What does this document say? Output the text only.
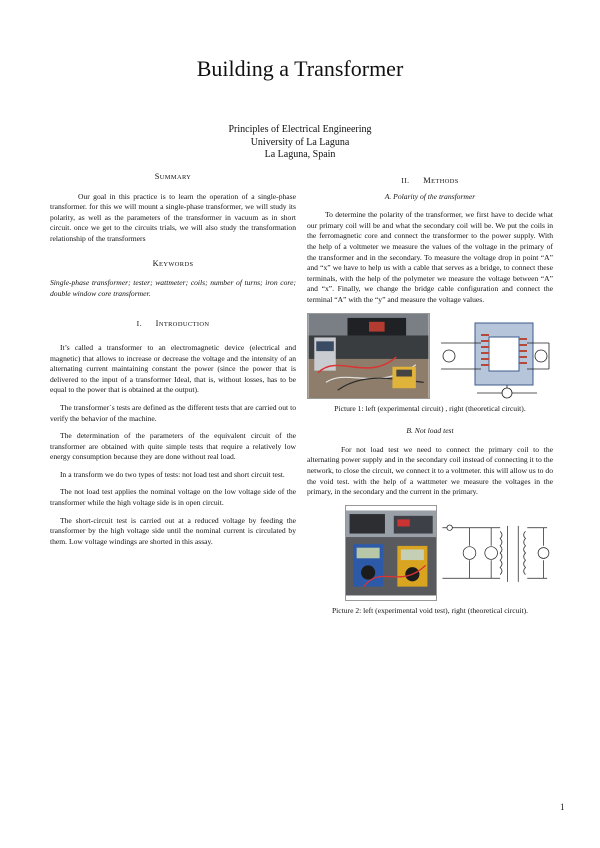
Building a Transformer
Principles of Electrical Engineering
University of La Laguna
La Laguna, Spain
SUMMARY

Our goal in this practice is to learn the operation of a single-phase transformer. for this we will mount a single-phase transformer, we will study its polarity, as well as the parameters of the transformer in vacuum as in short circuit. once we get to the circuits trials, we will also study the transformation relationship of the transformers

KEYWORDS

Single-phase transformer; tester; wattmeter; coils; number of turns; iron core; double window core transformer.

I. INTRODUCTION

It’s called a transformer to an electromagnetic device (electrical and magnetic) that allows to increase or decrease the voltage and the intensity of an alternating current maintaining constant the power (since the power that is delivered to the input of a transformer Ideal, that is, without losses, has to be equal to the power that is obtained at the output).

The transformer´s tests are defined as the different tests that are carried out to verify the behavior of the machine.

The determination of the parameters of the equivalent circuit of the transformer are obtained with quite simple tests that require a relatively low energy consumption because they are done without real load.

In a transform we do two types of tests: not load test and short circuit test.

The not load test applies the nominal voltage on the low voltage side of the transformer while the high voltage side is in open circuit.

The short-circuit test is carried out at a reduced voltage by feeding the transformer by the high voltage side until the nominal current is circulated by them. Low voltage windings are shorted in this assay.

II. METHODS
A. Polarity of the transformer

To determine the polarity of the transformer, we first have to decide what our primary coil will be and what the secondary coil will be. We put the coils in the ferromagnetic core and connect the transformer to the power supply. With the help of a voltmeter we measure the values of the voltage in the primary of the transformer and in the secondary. To measure the voltage drop in point “A” and “x” we have to help us with a cable that serves as a bridge, to connect these terminals, with the help of the polymeter we measure the voltage between “A” and “x”. Finally, we change the bridge cable configuration and connect the terminal “A” with the “y” and measure the voltage values.

Picture 1: left (experimental circuit) , right (theoretical circuit).

B. Not load test

For not load test we need to connect the primary coil to the alternating power supply and in the secondary coil instead of connecting it to the network, to close the circuit, we connect it to a voltmeter. this will allow us to do the void test. with the help of a wattmeter we measure the voltages in the primary, in the secondary and the current in the primary.

Picture 2: left (experimental void test), right (theoretical circuit).

1
